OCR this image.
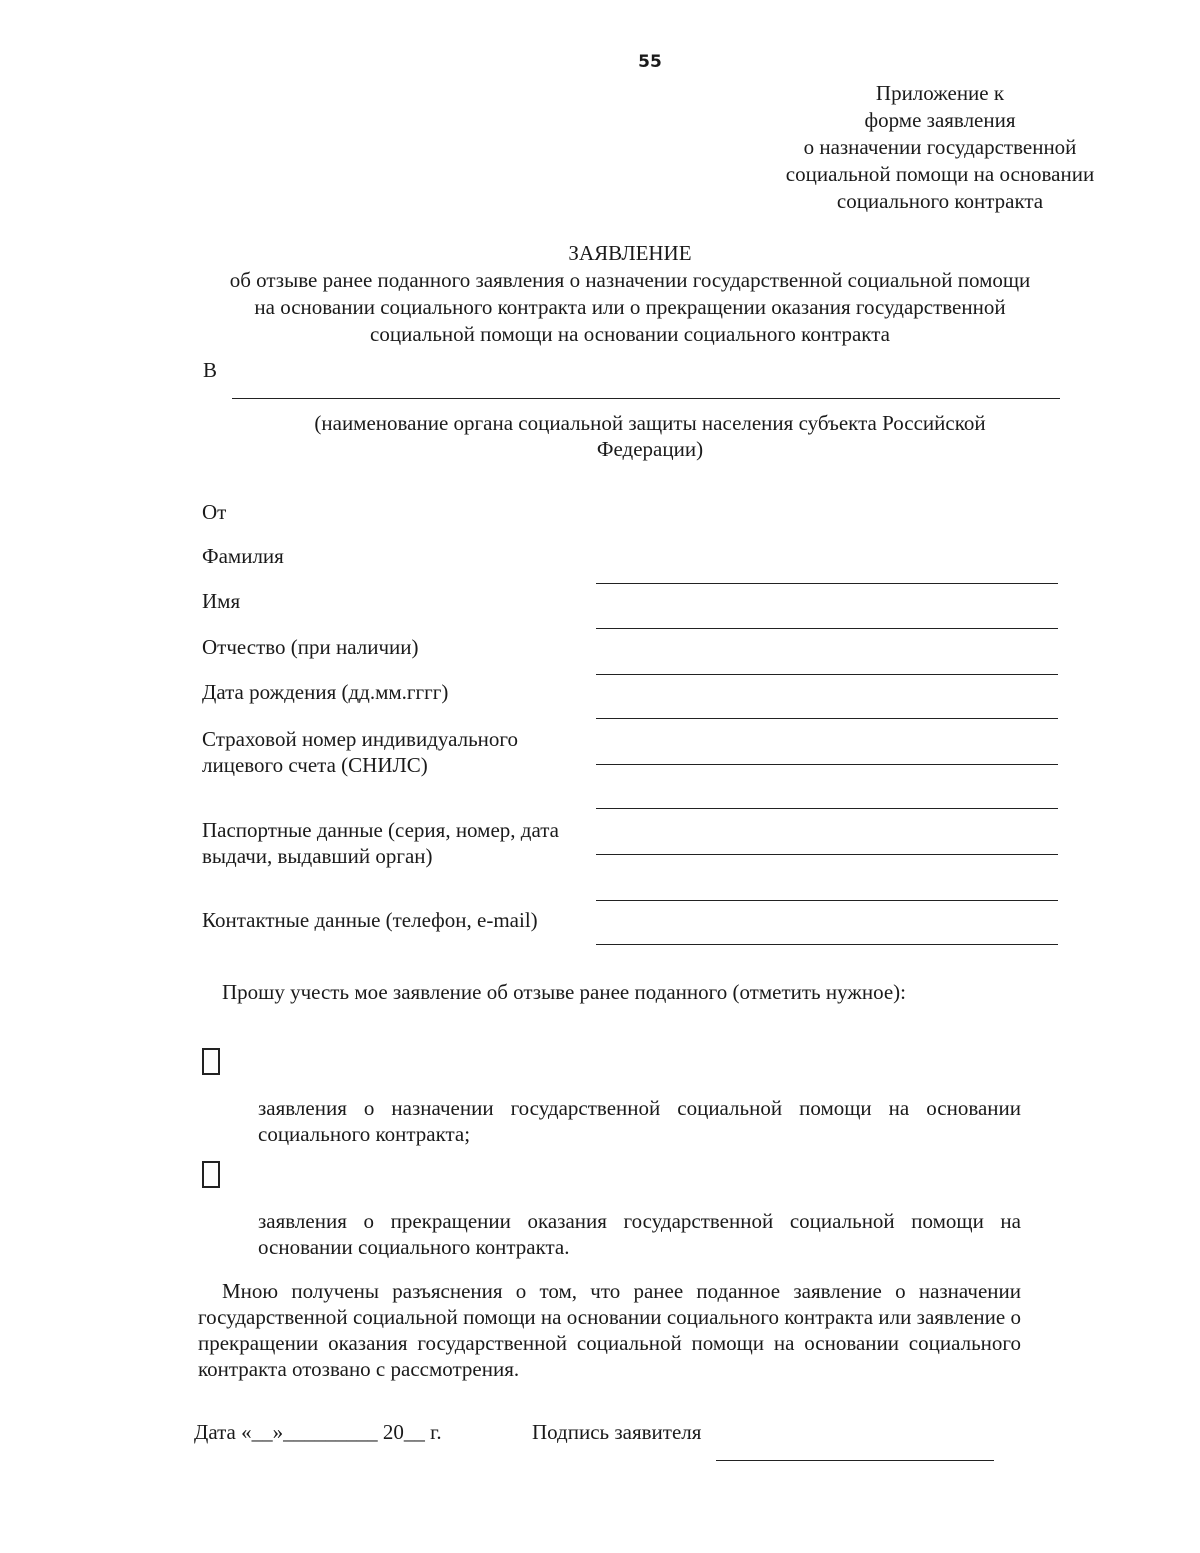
55
Приложение к
форме заявления
о назначении государственной
социальной помощи на основании
социального контракта
ЗАЯВЛЕНИЕ
об отзыве ранее поданного заявления о назначении государственной социальной помощи
на основании социального контракта или о прекращении оказания государственной
социальной помощи на основании социального контракта
В
(наименование органа социальной защиты населения субъекта Российской
Федерации)
От
Фамилия
Имя
Отчество (при наличии)
Дата рождения (дд.мм.гггг)
Страховой номер индивидуального
лицевого счета (СНИЛС)
Паспортные данные (серия, номер, дата
выдачи, выдавший орган)
Контактные данные (телефон, e-mail)
Прошу учесть мое заявление об отзыве ранее поданного (отметить нужное):
заявления о назначении государственной социальной помощи на основании социального контракта;
заявления о прекращении оказания государственной социальной помощи на основании социального контракта.
Мною получены разъяснения о том, что ранее поданное заявление о назначении государственной социальной помощи на основании социального контракта или заявление о прекращении оказания государственной социальной помощи на основании социального контракта отозвано с рассмотрения.
Дата «__»_________ 20__ г.	Подпись заявителя
